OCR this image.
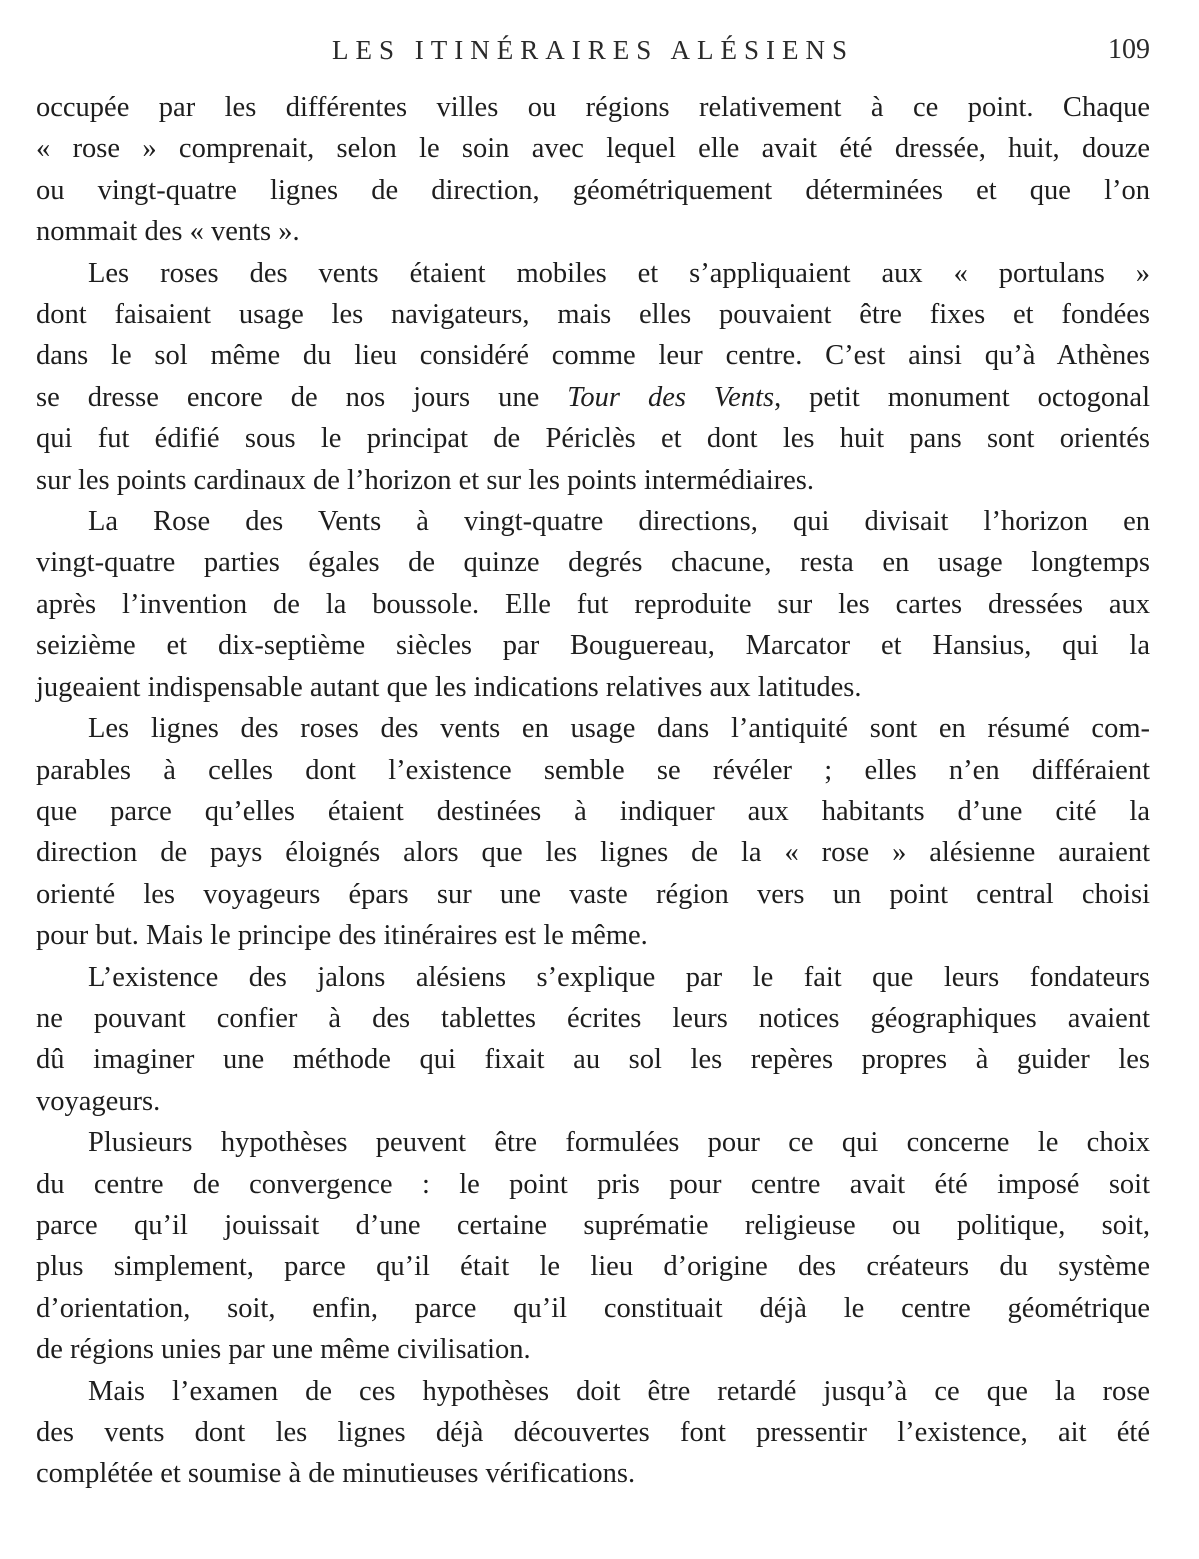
LES ITINÉRAIRES ALÉSIENS	109

occupée par les différentes villes ou régions relativement à ce point. Chaque
« rose » comprenait, selon le soin avec lequel elle avait été dressée, huit, douze
ou vingt-quatre lignes de direction, géométriquement déterminées et que l’on
nommait des « vents ».

Les roses des vents étaient mobiles et s’appliquaient aux « portulans »
dont faisaient usage les navigateurs, mais elles pouvaient être fixes et fondées
dans le sol même du lieu considéré comme leur centre. C’est ainsi qu’à Athènes
se dresse encore de nos jours une Tour des Vents, petit monument octogonal
qui fut édifié sous le principat de Périclès et dont les huit pans sont orientés
sur les points cardinaux de l’horizon et sur les points intermédiaires.

La Rose des Vents à vingt-quatre directions, qui divisait l’horizon en
vingt-quatre parties égales de quinze degrés chacune, resta en usage longtemps
après l’invention de la boussole. Elle fut reproduite sur les cartes dressées aux
seizième et dix-septième siècles par Bouguereau, Marcator et Hansius, qui la
jugeaient indispensable autant que les indications relatives aux latitudes.

Les lignes des roses des vents en usage dans l’antiquité sont en résumé com-
parables à celles dont l’existence semble se révéler ; elles n’en différaient
que parce qu’elles étaient destinées à indiquer aux habitants d’une cité la
direction de pays éloignés alors que les lignes de la « rose » alésienne auraient
orienté les voyageurs épars sur une vaste région vers un point central choisi
pour but. Mais le principe des itinéraires est le même.

L’existence des jalons alésiens s’explique par le fait que leurs fondateurs
ne pouvant confier à des tablettes écrites leurs notices géographiques avaient
dû imaginer une méthode qui fixait au sol les repères propres à guider les
voyageurs.

Plusieurs hypothèses peuvent être formulées pour ce qui concerne le choix
du centre de convergence : le point pris pour centre avait été imposé soit
parce qu’il jouissait d’une certaine suprématie religieuse ou politique, soit,
plus simplement, parce qu’il était le lieu d’origine des créateurs du système
d’orientation, soit, enfin, parce qu’il constituait déjà le centre géométrique
de régions unies par une même civilisation.

Mais l’examen de ces hypothèses doit être retardé jusqu’à ce que la rose
des vents dont les lignes déjà découvertes font pressentir l’existence, ait été
complétée et soumise à de minutieuses vérifications.
